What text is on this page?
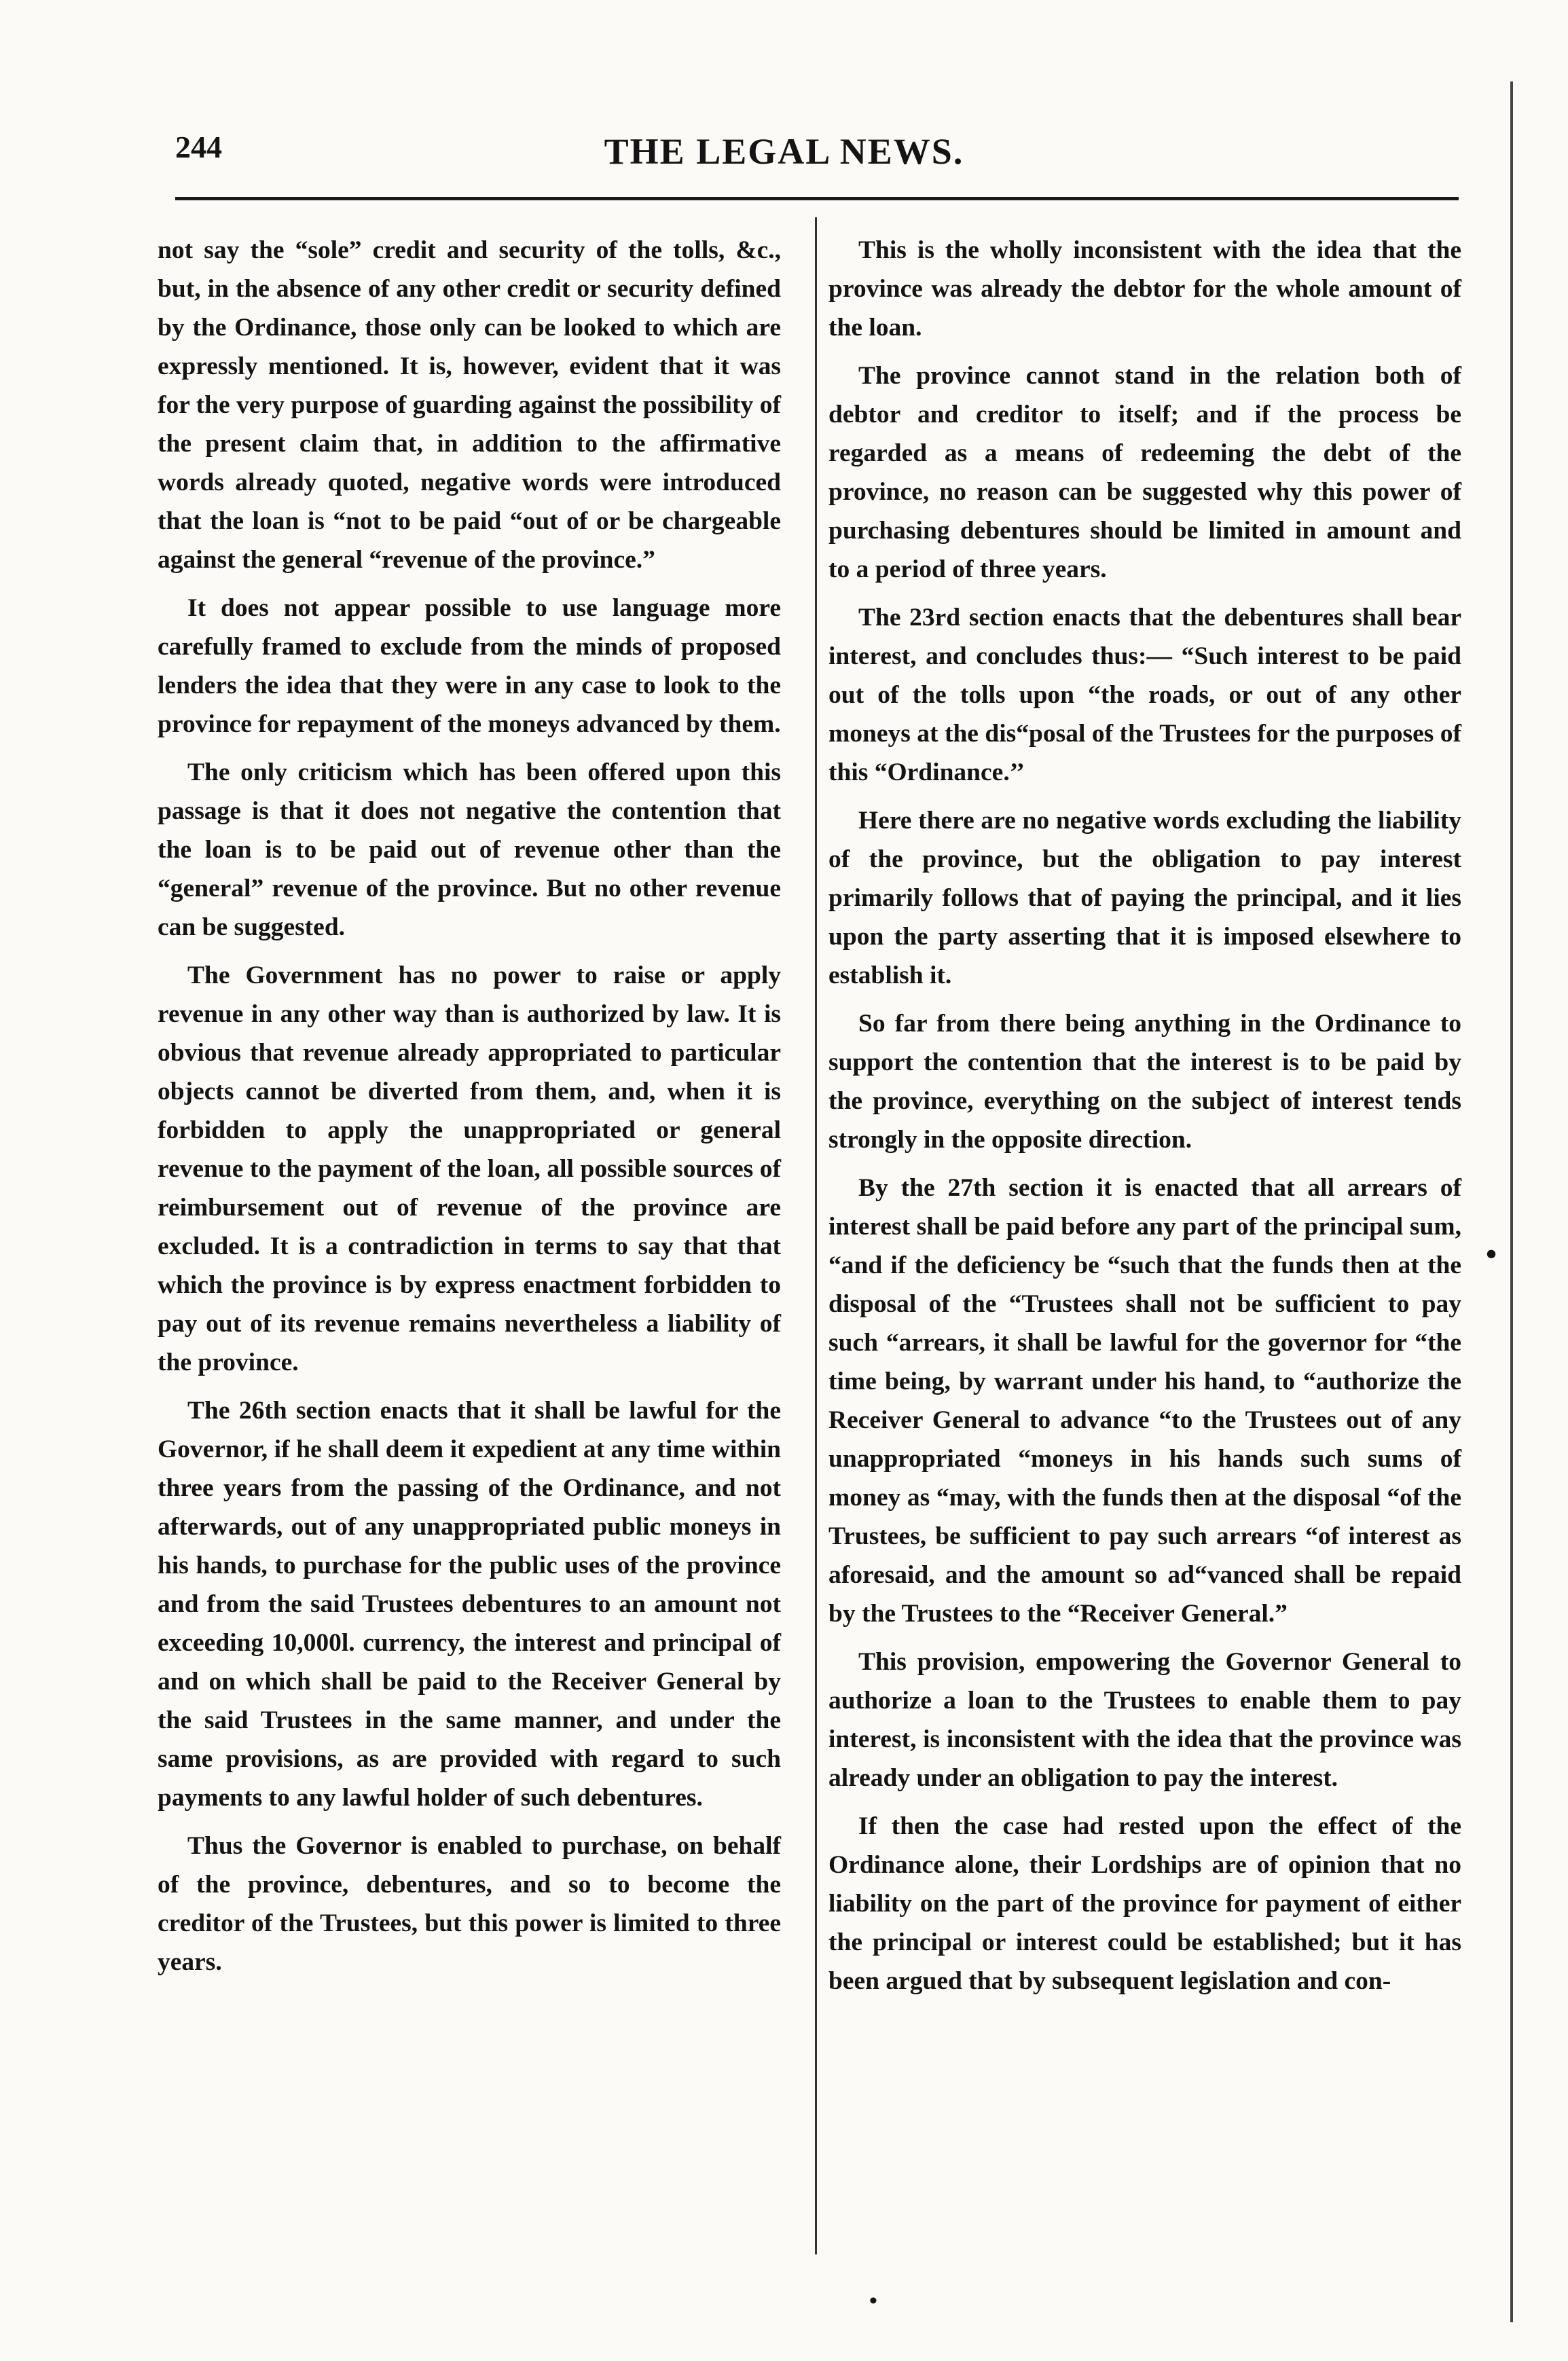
244	THE LEGAL NEWS.

not say the “sole” credit and security of the tolls, &c., but, in the absence of any other credit or security defined by the Ordinance, those only can be looked to which are expressly mentioned. It is, however, evident that it was for the very purpose of guarding against the possibility of the present claim that, in addition to the affirmative words already quoted, negative words were introduced that the loan is “not to be paid “out of or be chargeable against the general “revenue of the province.”

It does not appear possible to use language more carefully framed to exclude from the minds of proposed lenders the idea that they were in any case to look to the province for repayment of the moneys advanced by them.

The only criticism which has been offered upon this passage is that it does not negative the contention that the loan is to be paid out of revenue other than the “general” revenue of the province. But no other revenue can be suggested.

The Government has no power to raise or apply revenue in any other way than is authorized by law. It is obvious that revenue already appropriated to particular objects cannot be diverted from them, and, when it is forbidden to apply the unappropriated or general revenue to the payment of the loan, all possible sources of reimbursement out of revenue of the province are excluded. It is a contradiction in terms to say that that which the province is by express enactment forbidden to pay out of its revenue remains nevertheless a liability of the province.

The 26th section enacts that it shall be lawful for the Governor, if he shall deem it expedient at any time within three years from the passing of the Ordinance, and not afterwards, out of any unappropriated public moneys in his hands, to purchase for the public uses of the province and from the said Trustees debentures to an amount not exceeding 10,000l. currency, the interest and principal of and on which shall be paid to the Receiver General by the said Trustees in the same manner, and under the same provisions, as are provided with regard to such payments to any lawful holder of such debentures.

Thus the Governor is enabled to purchase, on behalf of the province, debentures, and so to become the creditor of the Trustees, but this power is limited to three years.

This is the wholly inconsistent with the idea that the province was already the debtor for the whole amount of the loan.

The province cannot stand in the relation both of debtor and creditor to itself; and if the process be regarded as a means of redeeming the debt of the province, no reason can be suggested why this power of purchasing debentures should be limited in amount and to a period of three years.

The 23rd section enacts that the debentures shall bear interest, and concludes thus:— “Such interest to be paid out of the tolls upon “the roads, or out of any other moneys at the dis“posal of the Trustees for the purposes of this “Ordinance.’’

Here there are no negative words excluding the liability of the province, but the obligation to pay interest primarily follows that of paying the principal, and it lies upon the party asserting that it is imposed elsewhere to establish it.

So far from there being anything in the Ordinance to support the contention that the interest is to be paid by the province, everything on the subject of interest tends strongly in the opposite direction.

By the 27th section it is enacted that all arrears of interest shall be paid before any part of the principal sum, “and if the deficiency be “such that the funds then at the disposal of the “Trustees shall not be sufficient to pay such “arrears, it shall be lawful for the governor for “the time being, by warrant under his hand, to “authorize the Receiver General to advance “to the Trustees out of any unappropriated “moneys in his hands such sums of money as “may, with the funds then at the disposal “of the Trustees, be sufficient to pay such arrears “of interest as aforesaid, and the amount so ad“vanced shall be repaid by the Trustees to the “Receiver General.”

This provision, empowering the Governor General to authorize a loan to the Trustees to enable them to pay interest, is inconsistent with the idea that the province was already under an obligation to pay the interest.

If then the case had rested upon the effect of the Ordinance alone, their Lordships are of opinion that no liability on the part of the province for payment of either the principal or interest could be established; but it has been argued that by subsequent legislation and con-

•
•
